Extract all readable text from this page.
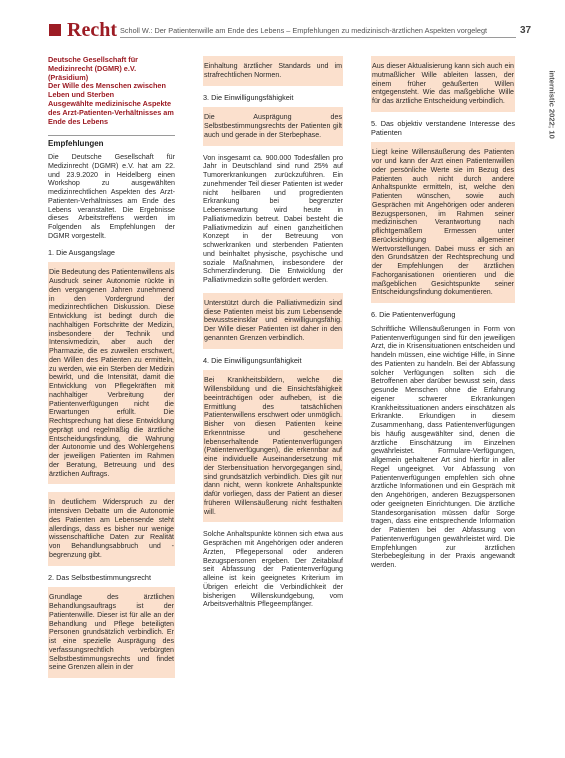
Recht Scholl W.: Der Patientenwille am Ende des Lebens – Empfehlungen zu medizinisch-ärztlichen Aspekten vorgelegt	37
internistic 2022; 10
Deutsche Gesellschaft für
Medizinrecht (DGMR) e.V.
(Präsidium)
Der Wille des Menschen zwischen
Leben und Sterben
Ausgewählte medizinische Aspekte
des Arzt-Patienten-Verhältnisses am
Ende des Lebens
Empfehlungen

Die Deutsche Gesellschaft für Medizinrecht (DGMR) e.V. hat am 22. und 23.9.2020 in Heidelberg einen Workshop zu ausgewählten medizinrechtlichen Aspekten des Arzt-Patienten-Verhältnisses am Ende des Lebens veranstaltet. Die Ergebnisse dieses Arbeitstreffens werden im Folgenden als Empfehlungen der DGMR vorgestellt.

1. Die Ausgangslage

Die Bedeutung des Patientenwillens als Ausdruck seiner Autonomie rückte in den vergangenen Jahren zunehmend in den Vordergrund der medizinrechtlichen Diskussion. Diese Entwicklung ist bedingt durch die nachhaltigen Fortschritte der Medizin, insbesondere der Technik und Intensivmedizin, aber auch der Pharmazie, die es zuweilen erschwert, den Willen des Patienten zu ermitteln, zu werden, wie ein Sterben der Medizin bewirkt, und die Intensität, damit die Entwicklung von Pflegekräften mit nachhaltiger Verbreitung der Patientenverfügungen nicht die Erwartungen erfüllt. Die Rechtsprechung hat diese Entwicklung geprägt und regelmäßig die ärztliche Entscheidungsfindung, die Wahrung der Autonomie und des Wohlergehens der jeweiligen Patienten im Rahmen der Beratung, Betreuung und des ärztlichen Auftrags.

In deutlichem Widerspruch zu der intensiven Debatte um die Autonomie des Patienten am Lebensende steht allerdings, dass es bisher nur wenige wissenschaftliche Daten zur Realität von Behandlungsabbruch und -begrenzung gibt.

2. Das Selbstbestimmungsrecht

Grundlage des ärztlichen Behandlungsauftrags ist der Patientenwille. Dieser ist für alle an der Behandlung und Pflege beteiligten Personen grundsätzlich verbindlich. Er ist eine spezielle Ausprägung des verfassungsrechtlich verbürgten Selbstbestimmungsrechts und findet seine Grenzen allein in der

Einhaltung ärztlicher Standards und im strafrechtlichen Normen.

3. Die Einwilligungsfähigkeit

Die Ausprägung des Selbstbestimmungsrechts der Patienten gilt auch und gerade in der Sterbephase.

Von insgesamt ca. 900.000 Todesfällen pro Jahr in Deutschland sind rund 25% auf Tumorerkrankungen zurückzuführen. Ein zunehmender Teil dieser Patienten ist weder nicht heilbaren und progredienten Erkrankung bei begrenzter Lebenserwartung wird heute in Palliativmedizin betreut. Dabei besteht die Palliativmedizin auf einen ganzheitlichen Konzept in der Betreuung von schwerkranken und sterbenden Patienten und beinhaltet physische, psychische und soziale Maßnahmen, insbesondere der Schmerzlinderung. Die Entwicklung der Palliativmedizin sollte gefördert werden.

Unterstützt durch die Palliativmedizin sind diese Patienten meist bis zum Lebensende bewusstseinsklar und einwilligungsfähig. Der Wille dieser Patienten ist daher in den genannten Grenzen verbindlich.

4. Die Einwilligungsunfähigkeit

Bei Krankheitsbildern, welche die Willensbildung und die Einsichtsfähigkeit beeinträchtigen oder aufheben, ist die Ermittlung des tatsächlichen Patientenwillens erschwert oder unmöglich. Bisher von diesen Patienten keine Erkenntnisse und geschehene lebenserhaltende Patientenverfügungen (Patientenverfügungen), die erkennbar auf eine individuelle Auseinandersetzung mit der Sterbensituation hervorgegangen sind, sind grundsätzlich verbindlich. Dies gilt nur dann nicht, wenn konkrete Anhaltspunkte dafür vorliegen, dass der Patient an dieser früheren Willensäußerung nicht festhalten will.

Solche Anhaltspunkte können sich etwa aus Gesprächen mit Angehörigen oder anderen Ärzten, Pflegepersonal oder anderen Bezugspersonen ergeben. Der Zeitablauf seit Abfassung der Patientenverfügung alleine ist kein geeignetes Kriterium im Übrigen erleicht die Verbindlichkeit der bisherigen Willenskundgebung, vom Arbeitsverhältnis Pflegeempfänger.

Aus dieser Aktualisierung kann sich auch ein mutmaßlicher Wille ableiten lassen, der einem früher geäußerten Willen entgegensteht. Wie das maßgebliche Wille für das ärztliche Entscheidung verbindlich.

5. Das objektiv verstandene Interesse des Patienten

Liegt keine Willensäußerung des Patienten vor und kann der Arzt einen Patientenwillen oder persönliche Werte sie im Bezug des Patienten auch nicht durch andere Anhaltspunkte ermitteln, ist, welche den Patienten wünschen, sowie auch Gesprächen mit Angehörigen oder anderen Bezugspersonen, im Rahmen seiner medizinischen Verantwortung nach pflichtgemäßem Ermessen unter Berücksichtigung allgemeiner Wertvorstellungen. Dabei muss er sich an den Grundsätzen der Rechtsprechung und der Empfehlungen der ärztlichen Fachorganisationen orientieren und die maßgeblichen Gesichtspunkte seiner Entscheidungsfindung dokumentieren.

6. Die Patientenverfügung

Schriftliche Willensäußerungen in Form von Patientenverfügungen sind für den jeweiligen Arzt, die in Krisensituationen entscheiden und handeln müssen, eine wichtige Hilfe, in Sinne des Patienten zu handeln. Bei der Abfassung solcher Verfügungen sollten sich die Betroffenen aber darüber bewusst sein, dass gesunde Menschen ohne die Erfahrung eigener schwerer Erkrankungen Krankheitssituationen anders einschätzen als Erkrankte. Erkundigen in diesem Zusammenhang, dass Patientenverfügungen bis häufig ausgewählter sind, denen die ärztliche Einschätzung im Einzelnen gewährleistet. Formulare-Verfügungen, allgemein gehaltener Art sind hierfür in aller Regel ungeeignet. Vor Abfassung von Patientenverfügungen empfehlen sich ohne ärztliche Informationen und ein Gespräch mit den Angehörigen, anderen Bezugspersonen oder geeigneten Einrichtungen. Die ärztliche Standesorganisation müssen dafür Sorge tragen, dass eine entsprechende Information der Patienten bei der Abfassung von Patientenverfügungen gewährleistet wird. Die Empfehlungen zur ärztlichen Sterbebegleitung in der Praxis angewandt werden.
